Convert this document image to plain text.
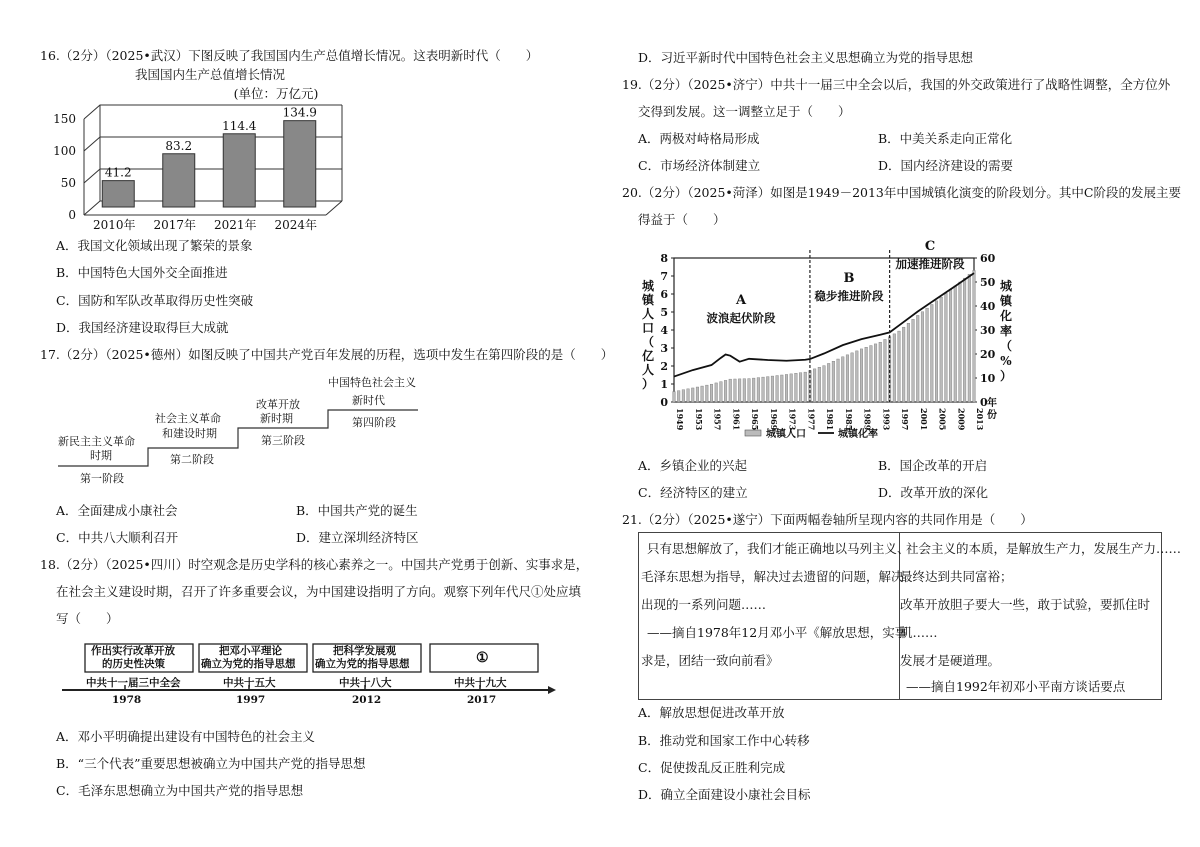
16.（2分）（2025•武汉）下图反映了我国国内生产总值增长情况。这表明新时代（　　）
我国国内生产总值增长情况
(单位：万亿元)
0
50
100
150
41.2
2010年
83.2
2017年
114.4
2021年
134.9
2024年
A．我国文化领域出现了繁荣的景象
B．中国特色大国外交全面推进
C．国防和军队改革取得历史性突破
D．我国经济建设取得巨大成就
17.（2分）（2025•德州）如图反映了中国共产党百年发展的历程，选项中发生在第四阶段的是（　　）
新民主主义革命
时期
第一阶段
社会主义革命
和建设时期
第二阶段
改革开放
新时期
第三阶段
中国特色社会主义
新时代
第四阶段
A．全面建成小康社会	B．中国共产党的诞生
C．中共八大顺利召开	D．建立深圳经济特区
18.（2分）（2025•四川）时空观念是历史学科的核心素养之一。中国共产党勇于创新、实事求是，
在社会主义建设时期，召开了许多重要会议，为中国建设指明了方向。观察下列年代尺①处应填
写（　　）
作出实行改革开放
的历史性决策
把邓小平理论
确立为党的指导思想
把科学发展观
确立为党的指导思想	①
中共十一届三中全会	中共十五大	中共十八大	中共十九大
1978	1997	2012	2017
A．邓小平明确提出建设有中国特色的社会主义
B．“三个代表”重要思想被确立为中国共产党的指导思想
C．毛泽东思想确立为中国共产党的指导思想
D．习近平新时代中国特色社会主义思想确立为党的指导思想
19.（2分）（2025•济宁）中共十一届三中全会以后，我国的外交政策进行了战略性调整，全方位外
交得到发展。这一调整立足于（　　）
A．两极对峙格局形成	B．中美关系走向正常化
C．市场经济体制建立	D．国内经济建设的需要
20.（2分）（2025•菏泽）如图是1949－2013年中国城镇化演变的阶段划分。其中C阶段的发展主要
得益于（　　）
0
1
2
3
4
5
6
7
8
0
10
20
30
40
50
60
城
镇
人
口
（
亿
人
）
城
镇
化
率
（
%
）
A
波浪起伏阶段
B
稳步推进阶段
C
加速推进阶段
1949 1953 1957 1961 1965 1969 1973 1977 1981 1985 1989 1993 1997 2001 2005 2009 2013
年
份
城镇人口	城镇化率
A．乡镇企业的兴起	B．国企改革的开启
C．经济特区的建立	D．改革开放的深化
21.（2分）（2025•遂宁）下面两幅卷轴所呈现内容的共同作用是（　　）
只有思想解放了，我们才能正确地以马列主义、
毛泽东思想为指导，解决过去遗留的问题，解决
出现的一系列问题……
——摘自1978年12月邓小平《解放思想，实事
求是，团结一致向前看》
社会主义的本质，是解放生产力，发展生产力……
最终达到共同富裕；
改革开放胆子要大一些，敢于试验，要抓住时
机……
发展才是硬道理。
——摘自1992年初邓小平南方谈话要点
A．解放思想促进改革开放
B．推动党和国家工作中心转移
C．促使拨乱反正胜利完成
D．确立全面建设小康社会目标
